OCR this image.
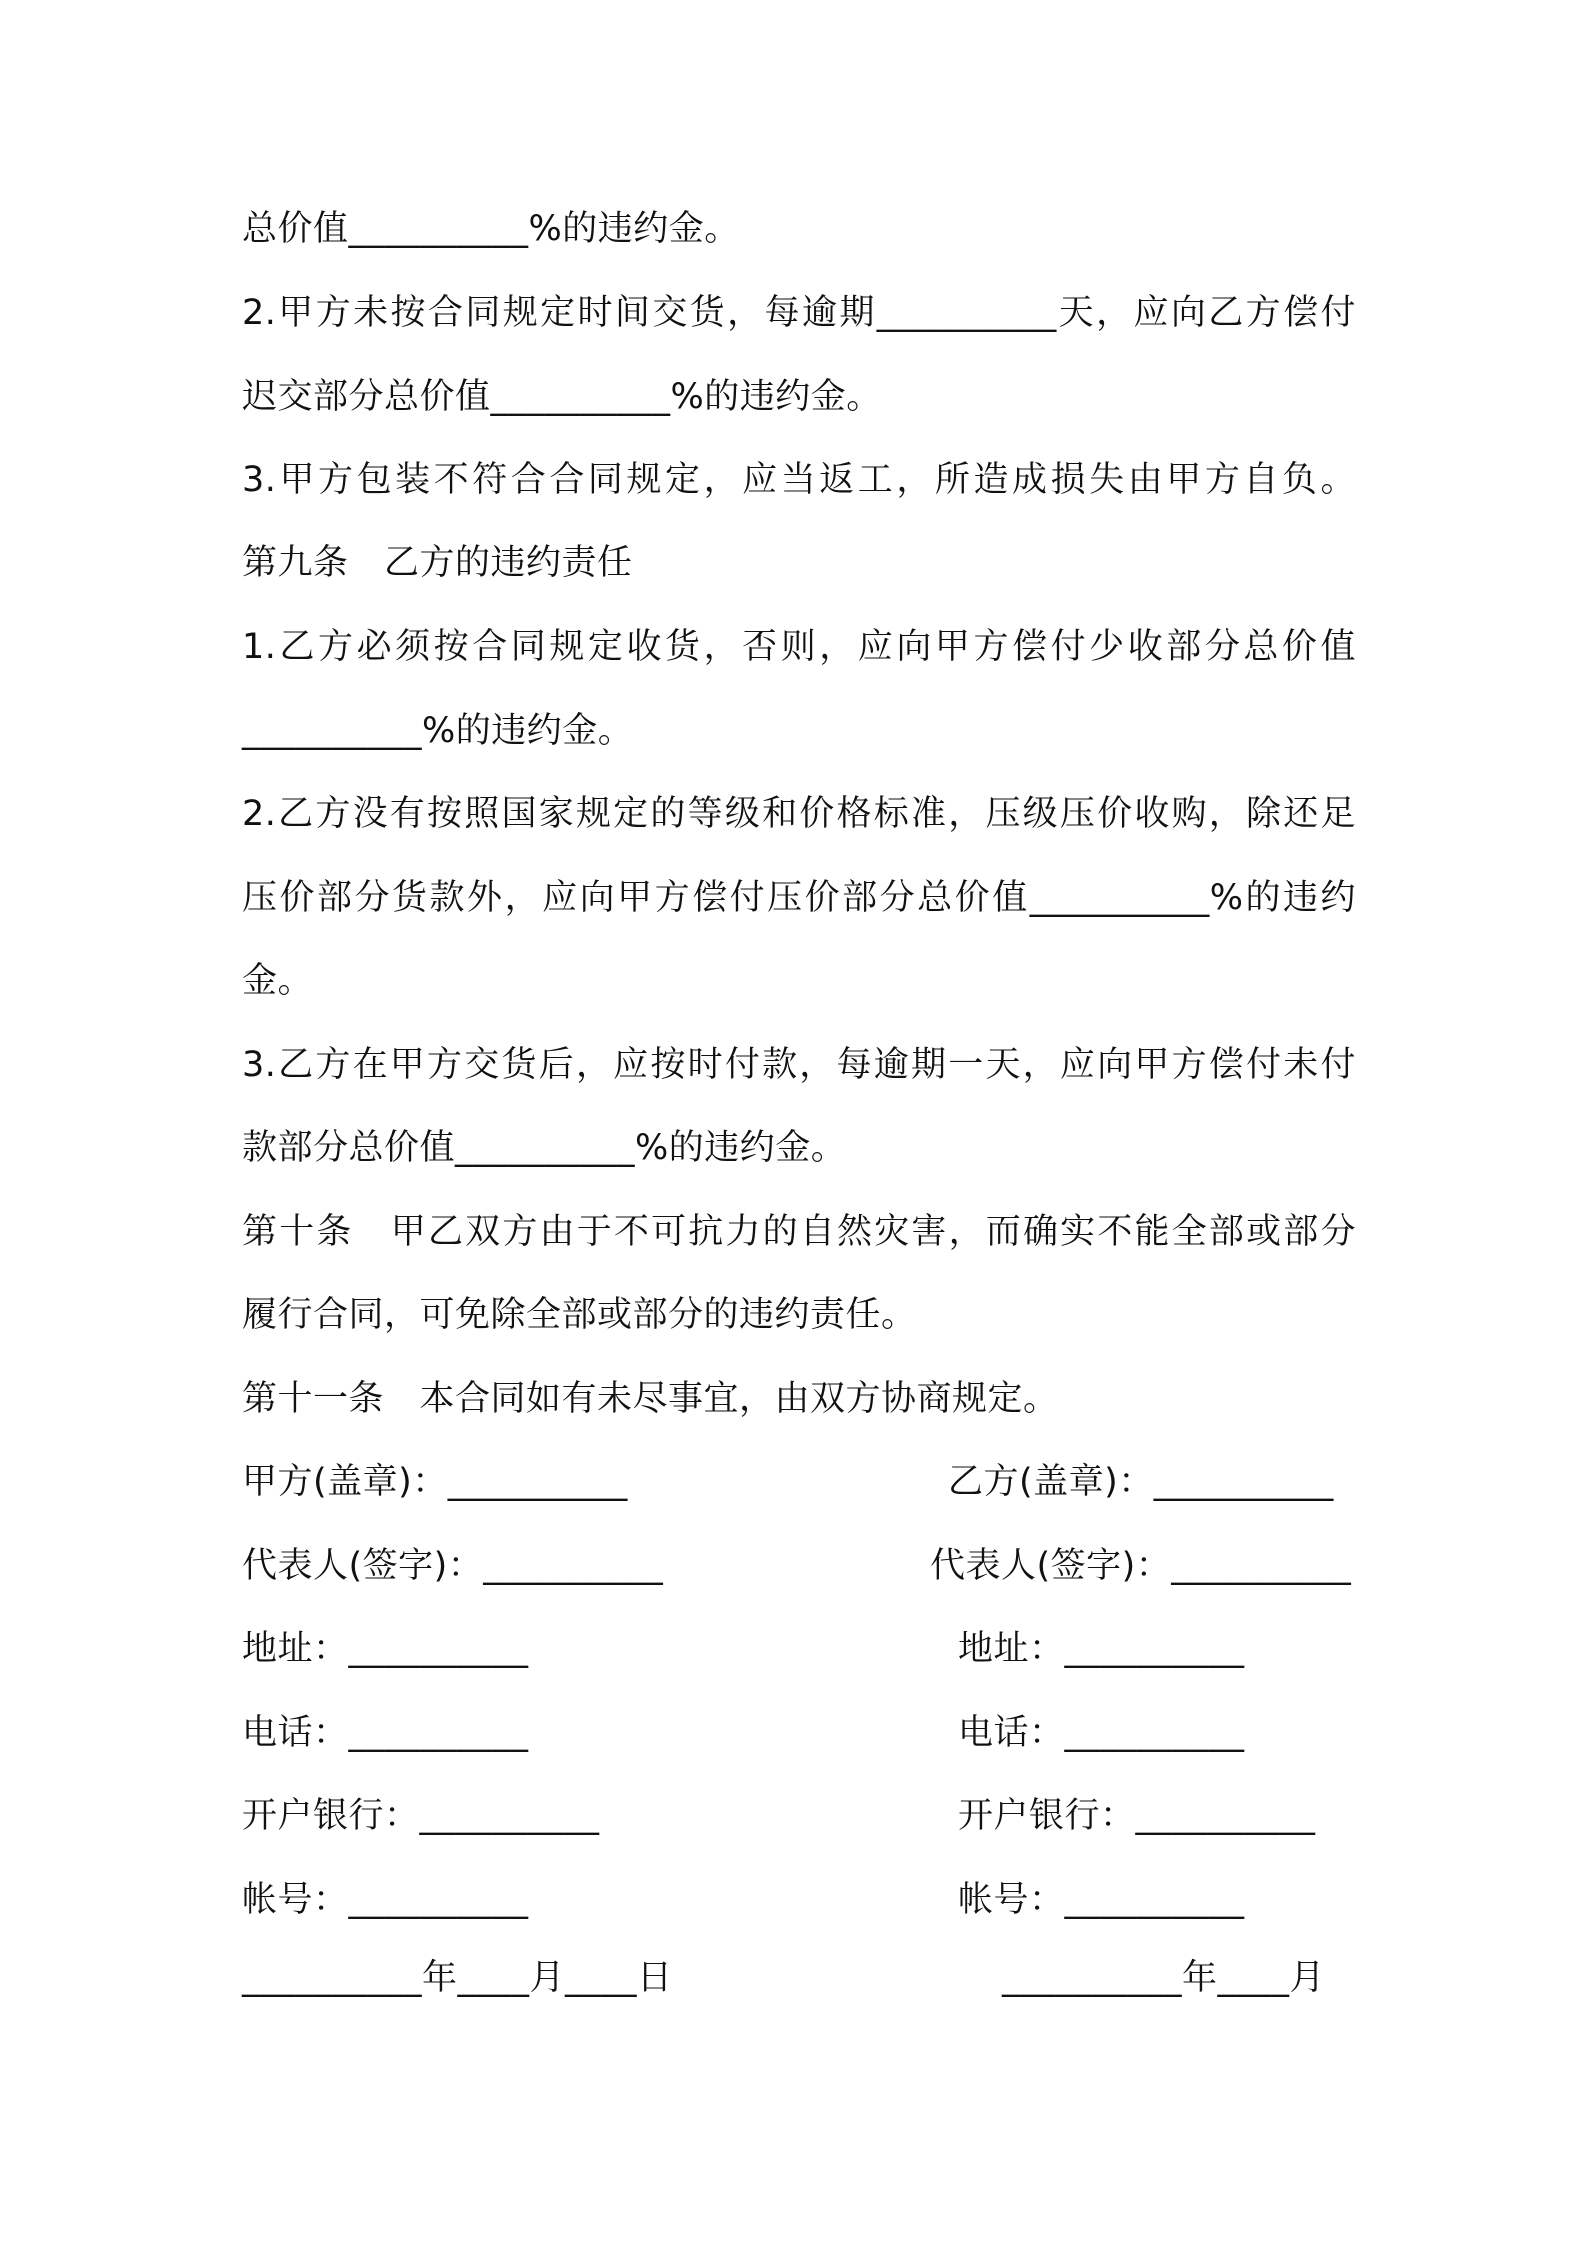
总价值__________%的违约金。
2.甲方未按合同规定时间交货，每逾期__________天，应向乙方偿付
迟交部分总价值__________%的违约金。
3.甲方包装不符合合同规定，应当返工，所造成损失由甲方自负。
第九条　乙方的违约责任
1.乙方必须按合同规定收货，否则，应向甲方偿付少收部分总价值
__________%的违约金。
2.乙方没有按照国家规定的等级和价格标准，压级压价收购，除还足
压价部分货款外，应向甲方偿付压价部分总价值__________%的违约
金。
3.乙方在甲方交货后，应按时付款，每逾期一天，应向甲方偿付未付
款部分总价值__________%的违约金。
第十条　甲乙双方由于不可抗力的自然灾害，而确实不能全部或部分
履行合同，可免除全部或部分的违约责任。
第十一条　本合同如有未尽事宜，由双方协商规定。
甲方(盖章)：__________
代表人(签字)：__________
地址：__________
电话：__________
开户银行：__________
帐号：__________
__________年____月____日
乙方(盖章)：__________
代表人(签字)：__________
地址：__________
电话：__________
开户银行：__________
帐号：__________
__________年____月
